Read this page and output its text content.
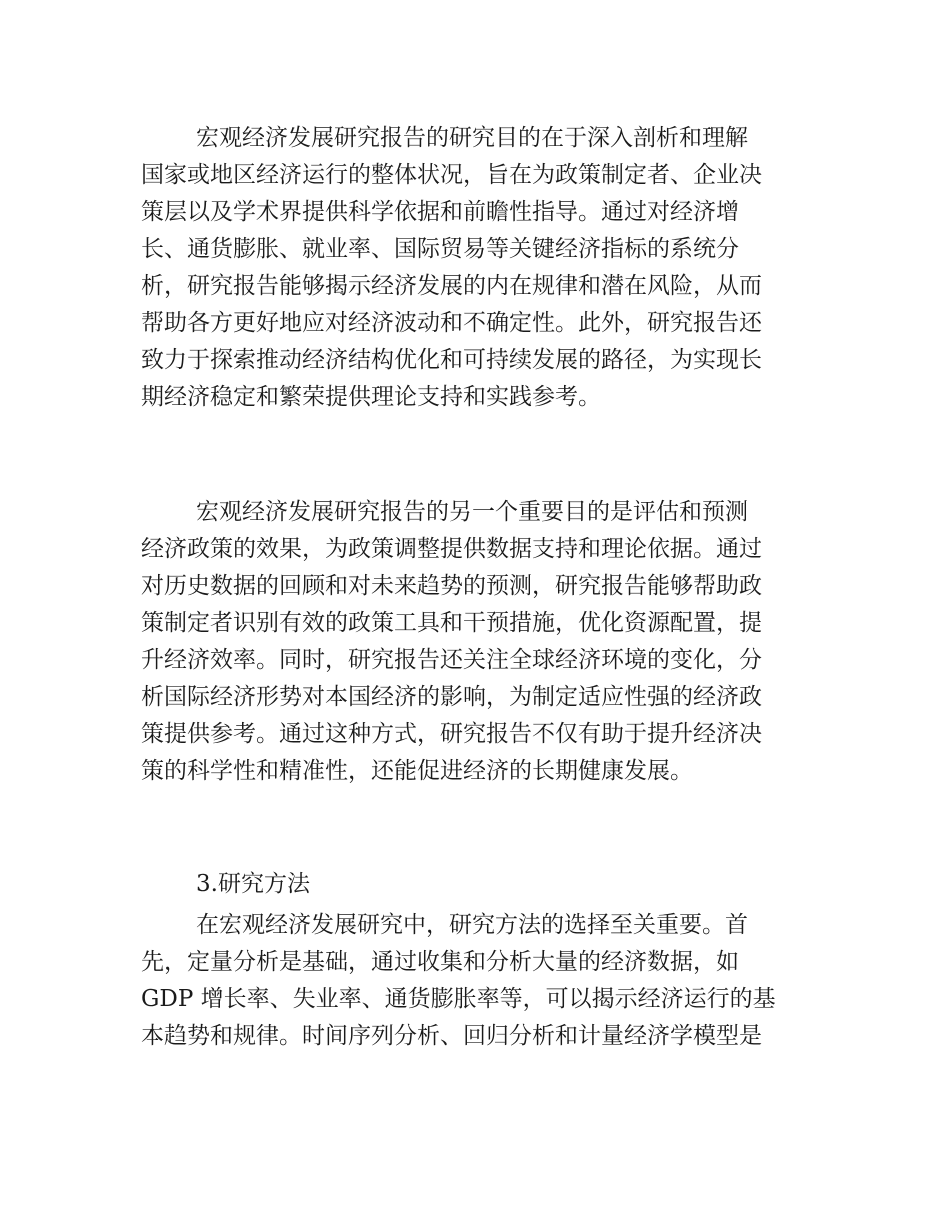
宏观经济发展研究报告的研究目的在于深入剖析和理解
国家或地区经济运行的整体状况，旨在为政策制定者、企业决
策层以及学术界提供科学依据和前瞻性指导。通过对经济增
长、通货膨胀、就业率、国际贸易等关键经济指标的系统分
析，研究报告能够揭示经济发展的内在规律和潜在风险，从而
帮助各方更好地应对经济波动和不确定性。此外，研究报告还
致力于探索推动经济结构优化和可持续发展的路径，为实现长
期经济稳定和繁荣提供理论支持和实践参考。
宏观经济发展研究报告的另一个重要目的是评估和预测
经济政策的效果，为政策调整提供数据支持和理论依据。通过
对历史数据的回顾和对未来趋势的预测，研究报告能够帮助政
策制定者识别有效的政策工具和干预措施，优化资源配置，提
升经济效率。同时，研究报告还关注全球经济环境的变化，分
析国际经济形势对本国经济的影响，为制定适应性强的经济政
策提供参考。通过这种方式，研究报告不仅有助于提升经济决
策的科学性和精准性，还能促进经济的长期健康发展。
3.研究方法
在宏观经济发展研究中，研究方法的选择至关重要。首
先，定量分析是基础，通过收集和分析大量的经济数据，如
GDP 增长率、失业率、通货膨胀率等，可以揭示经济运行的基
本趋势和规律。时间序列分析、回归分析和计量经济学模型是
